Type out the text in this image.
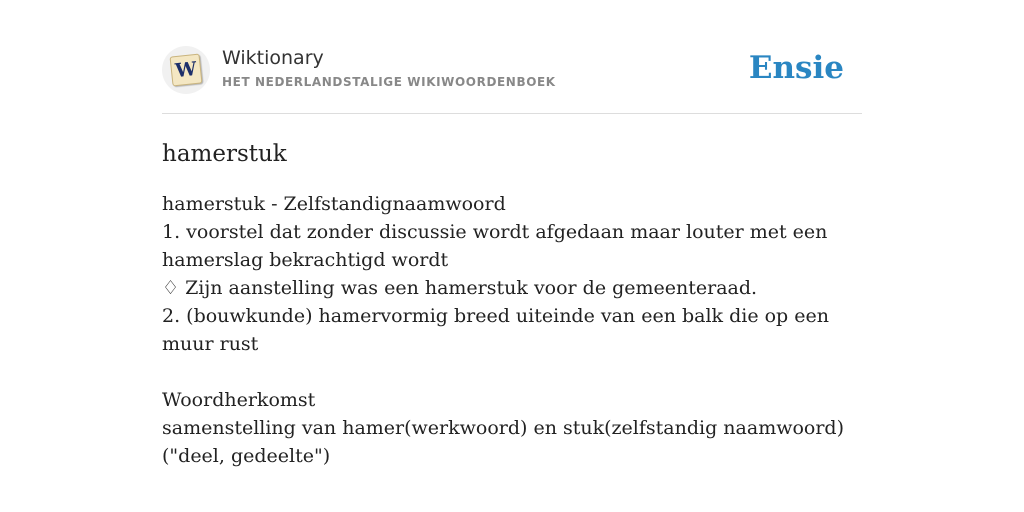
W Wiktionary
HET NEDERLANDSTALIGE WIKIWOORDENBOEK	Ensie
hamerstuk

hamerstuk - Zelfstandignaamwoord

1. voorstel dat zonder discussie wordt afgedaan maar louter met een hamerslag bekrachtigd wordt

♢ Zijn aanstelling was een hamerstuk voor de gemeenteraad.

2. (bouwkunde) hamervormig breed uiteinde van een balk die op een muur rust

Woordherkomst

samenstelling van hamer(werkwoord) en stuk(zelfstandig naamwoord) ("deel, gedeelte")
